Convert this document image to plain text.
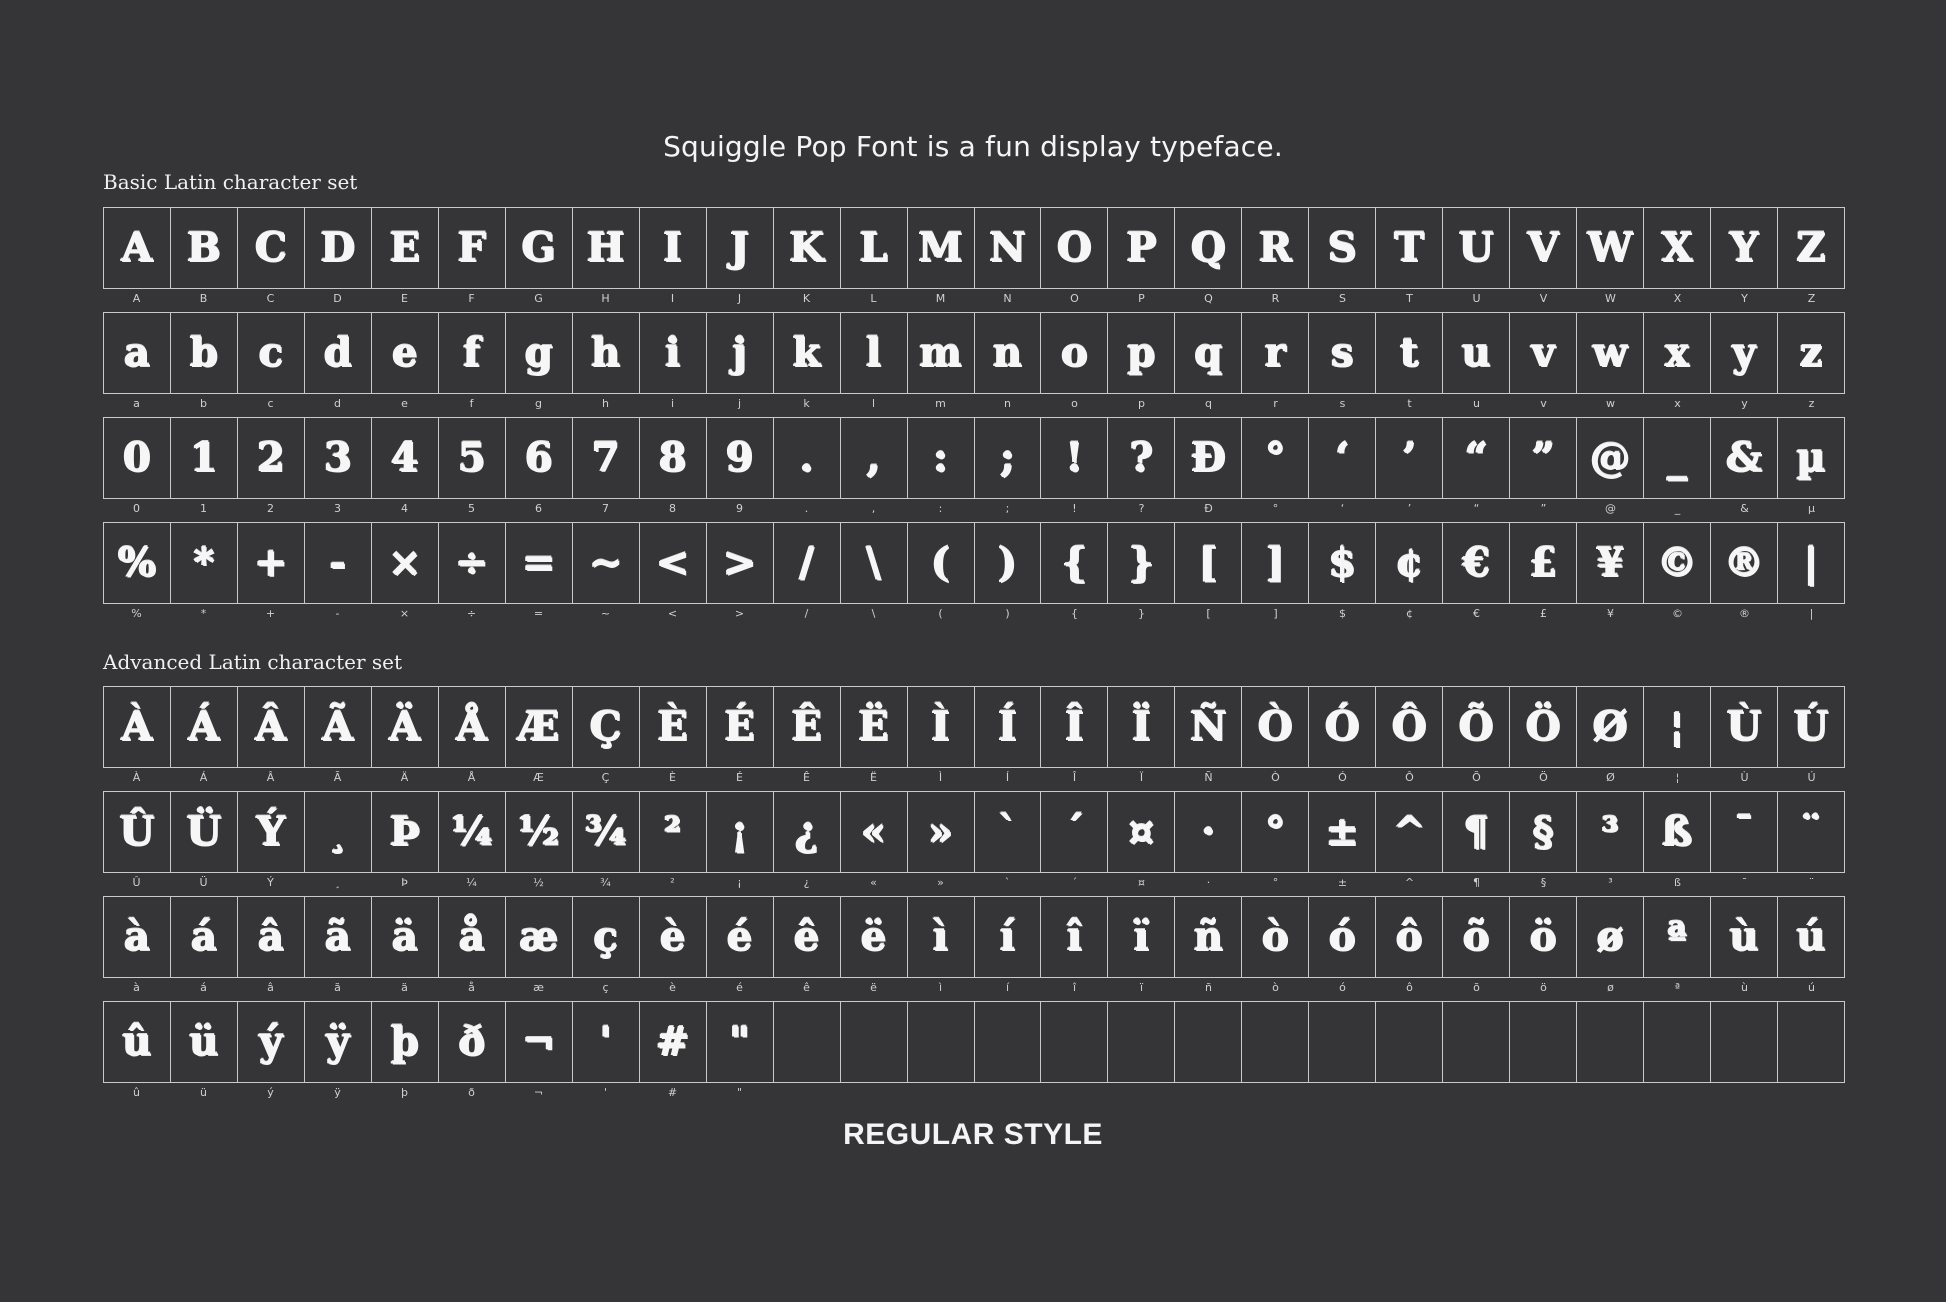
Squiggle Pop Font is a fun display typeface.
Basic Latin character set
A B C D E F G H I J K L M N O P Q R S T U V W X Y Z
A	B	C	D	E	F	G	H	I	J	K	L	M	N	O	P	Q	R	S	T	U	V	W	X	Y	Z
a b c d e f g h i j k l m n o p q r s t u v w x y z
a	b	c	d	e	f	g	h	i	j	k	l	m	n	o	p	q	r	s	t	u	v	w	x	y	z
0 1 2 3 4 5 6 7 8 9 . , : ; ! ? Đ ° ‘ ’ “ ” @ _ & µ
0	1	2	3	4	5	6	7	8	9	.	,	:	;	!	?	Đ	°	‘	’	“	”	@	_	&	µ
% * + - × ÷ = ~ < > / \ ( ) { } [ ] $ ¢ € £ ¥ © ® |
%	*	+	-	×	÷	=	~	<	>	/	\	(	)	{	}	[	]	$	¢	€	£	¥	©	®	|
Advanced Latin character set
À Á Â Ã Ä Å Æ Ç È É Ê Ë Ì Í Î Ï Ñ Ò Ó Ô Õ Ö Ø ¦ Ù Ú
À	Á	Â	Ã	Ä	Å	Æ	Ç	È	É	Ê	Ë	Ì	Í	Î	Ï	Ñ	Ò	Ó	Ô	Õ	Ö	Ø	¦	Ù	Ú
Û Ü Ý ¸ Þ ¼ ½ ¾ ² ¡ ¿ « » ` ´ ¤ · ° ± ^ ¶ § ³ ß ¯ ¨
Û	Ü	Ý	¸	Þ	¼	½	¾	²	¡	¿	«	»	`	´	¤	·	°	±	^	¶	§	³	ß	¯	¨
à á â ã ä å æ ç è é ê ë ì í î ï ñ ò ó ô õ ö ø ª ù ú
à	á	â	ã	ä	å	æ	ç	è	é	ê	ë	ì	í	î	ï	ñ	ò	ó	ô	õ	ö	ø	ª	ù	ú
û ü ý ÿ þ ð ¬ ' # "
û	ü	ý	ÿ	þ	ð	¬	'	#	"
REGULAR STYLE
